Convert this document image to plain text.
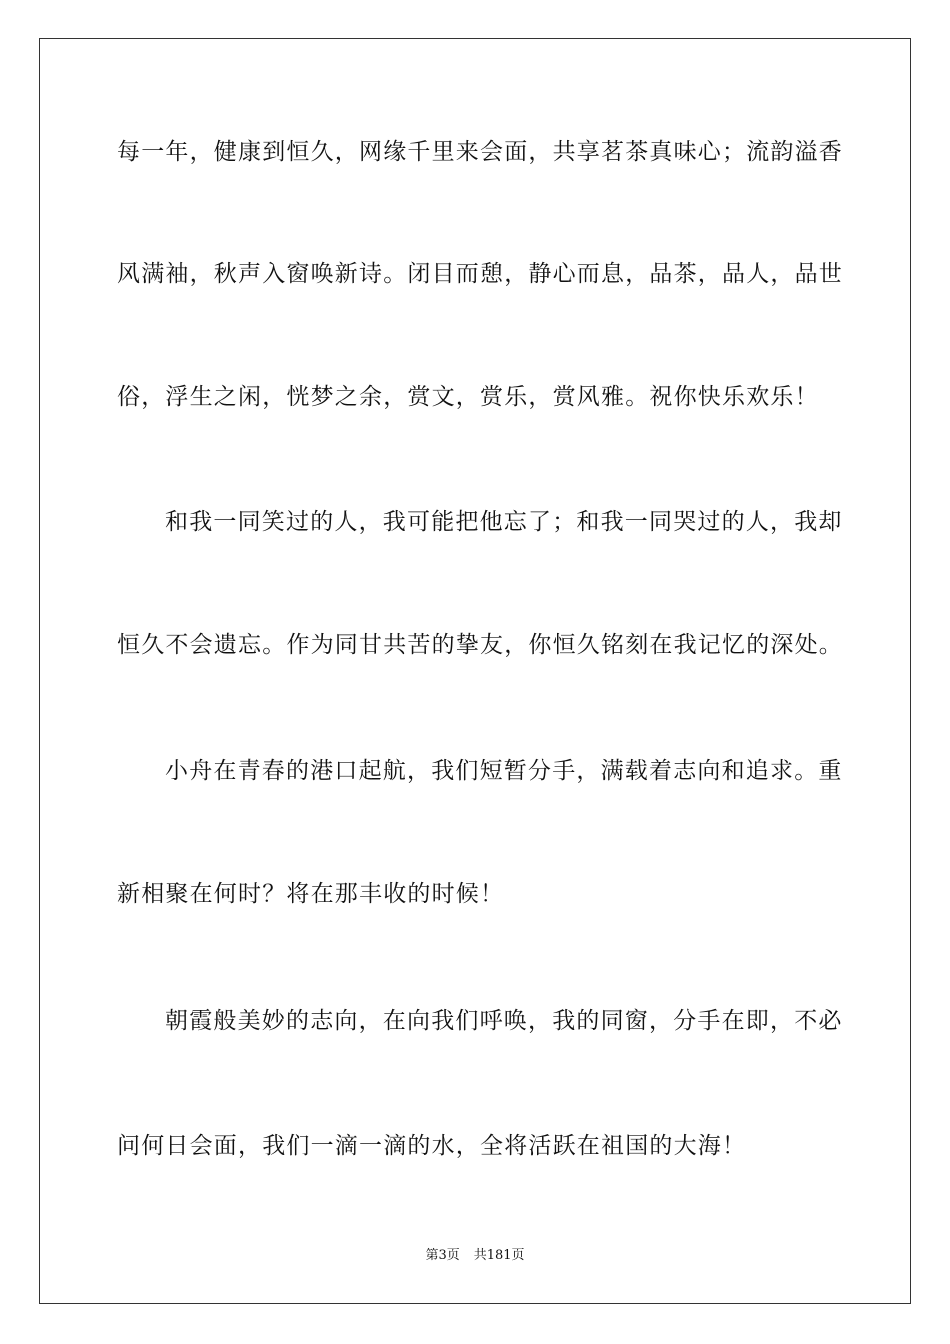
每一年，健康到恒久，网缘千里来会面，共享茗茶真味心；流韵溢香
风满袖，秋声入窗唤新诗。闭目而憩，静心而息，品茶，品人，品世
俗，浮生之闲，恍梦之余，赏文，赏乐，赏风雅。祝你快乐欢乐！
和我一同笑过的人，我可能把他忘了；和我一同哭过的人，我却
恒久不会遗忘。作为同甘共苦的挚友，你恒久铭刻在我记忆的深处。
小舟在青春的港口起航，我们短暂分手，满载着志向和追求。重
新相聚在何时？将在那丰收的时候！
朝霞般美妙的志向，在向我们呼唤，我的同窗，分手在即，不必
问何日会面，我们一滴一滴的水，全将活跃在祖国的大海！
第3页 共181页
